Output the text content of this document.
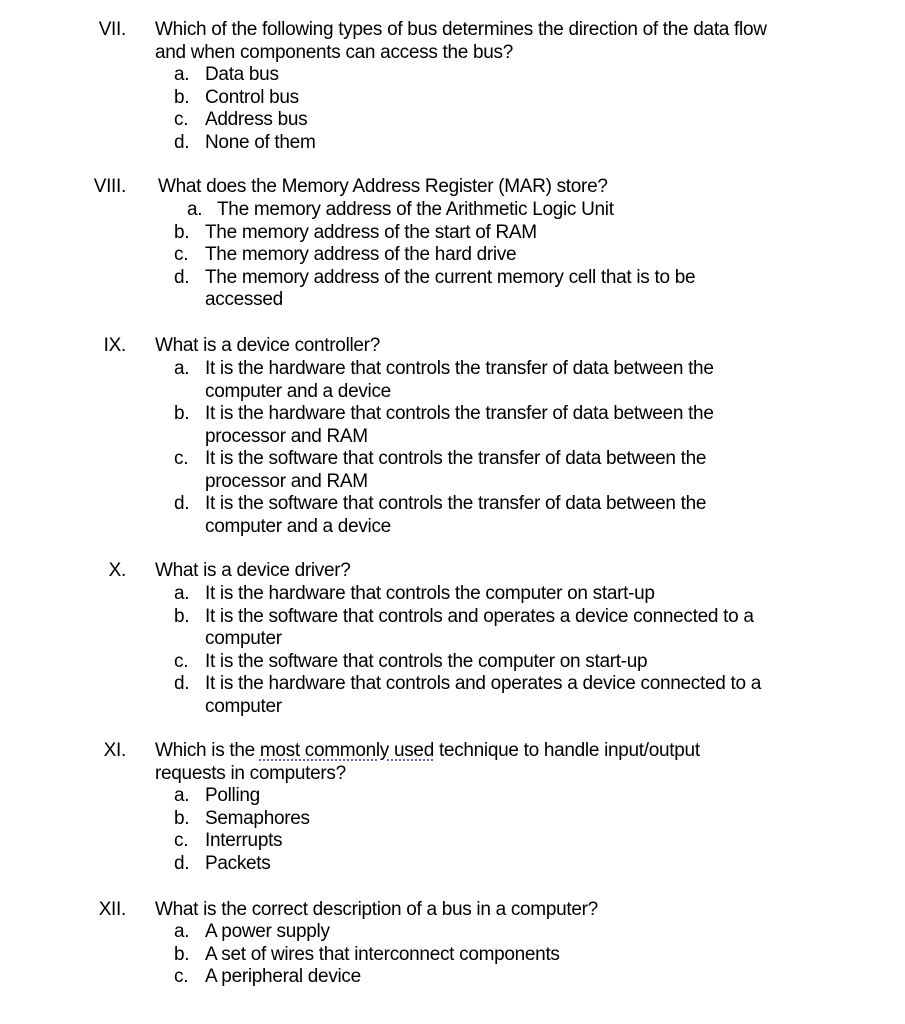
VII. Which of the following types of bus determines the direction of the data flow and when components can access the bus?
a. Data bus
b. Control bus
c. Address bus
d. None of them
VIII. What does the Memory Address Register (MAR) store?
a. The memory address of the Arithmetic Logic Unit
b. The memory address of the start of RAM
c. The memory address of the hard drive
d. The memory address of the current memory cell that is to be accessed
IX. What is a device controller?
a. It is the hardware that controls the transfer of data between the computer and a device
b. It is the hardware that controls the transfer of data between the processor and RAM
c. It is the software that controls the transfer of data between the processor and RAM
d. It is the software that controls the transfer of data between the computer and a device
X. What is a device driver?
a. It is the hardware that controls the computer on start-up
b. It is the software that controls and operates a device connected to a computer
c. It is the software that controls the computer on start-up
d. It is the hardware that controls and operates a device connected to a computer
XI. Which is the most commonly used technique to handle input/output requests in computers?
a. Polling
b. Semaphores
c. Interrupts
d. Packets
XII. What is the correct description of a bus in a computer?
a. A power supply
b. A set of wires that interconnect components
c. A peripheral device
